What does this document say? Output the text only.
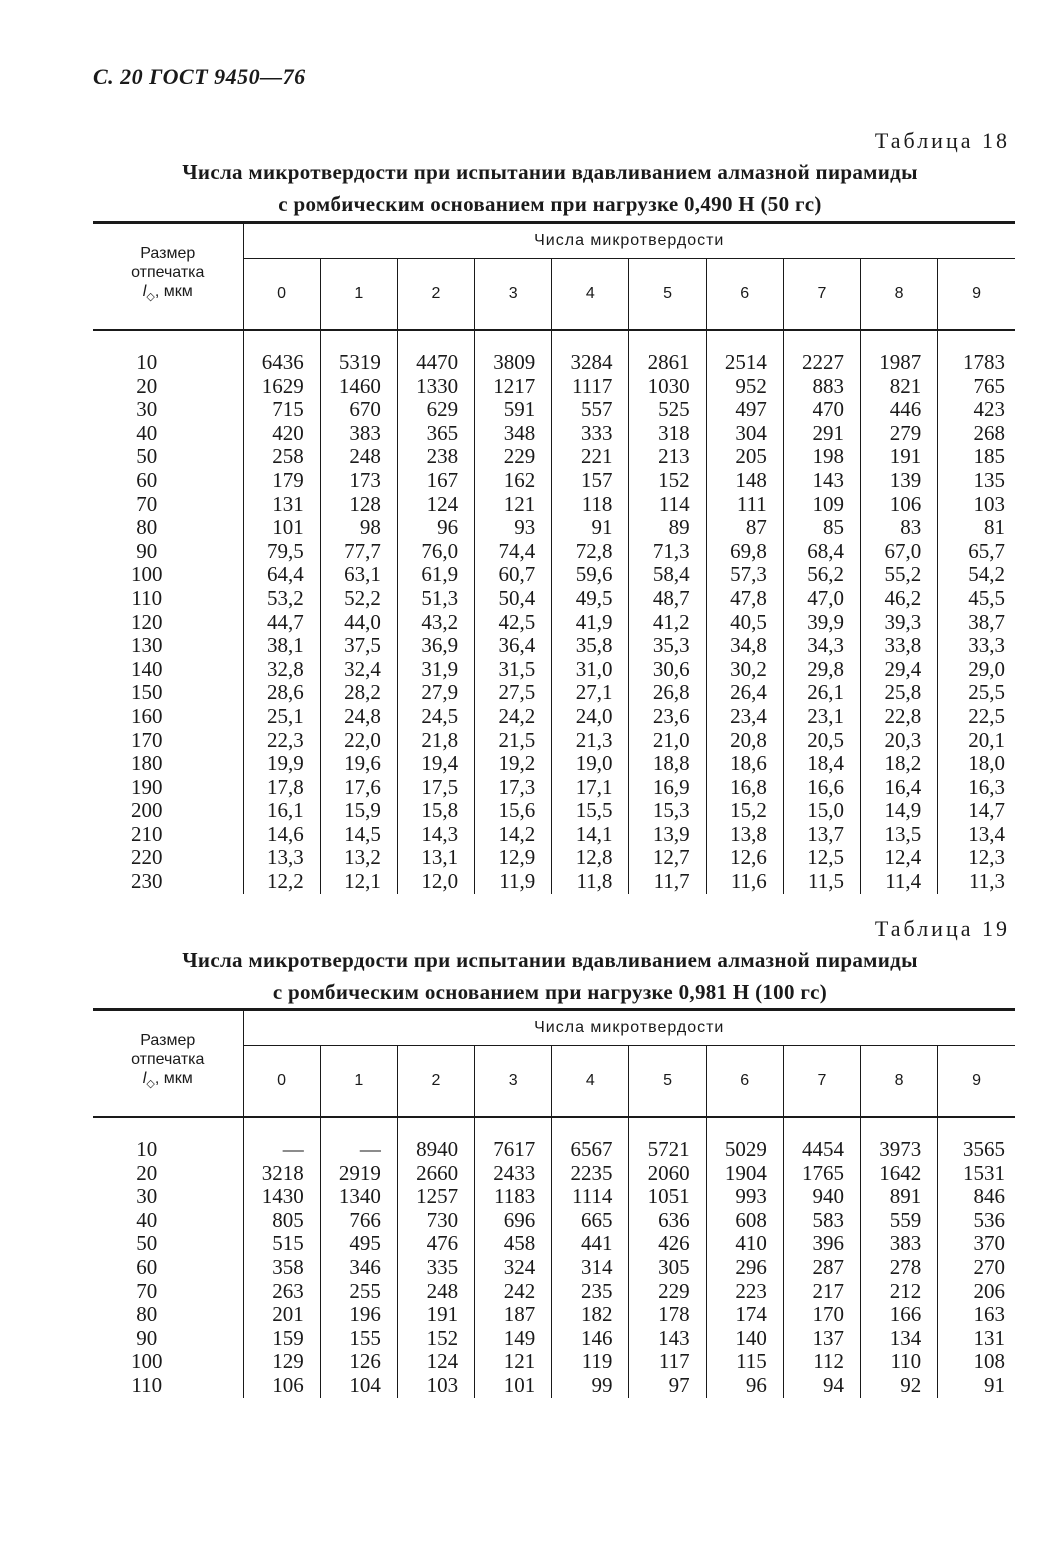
С. 20 ГОСТ 9450—76
Таблица 18
Числа микротвердости при испытании вдавливанием алмазной пирамиды
с ромбическим основанием при нагрузке 0,490 Н (50 гс)
Размер
отпечатка
$l_◇$, мкм	Числа микротвердости									
	0	1	2	3	4	5	6	7	8	9

10	6436	5319	4470	3809	3284	2861	2514	2227	1987	1783
20	1629	1460	1330	1217	1117	1030	952	883	821	765
30	715	670	629	591	557	525	497	470	446	423
40	420	383	365	348	333	318	304	291	279	268
50	258	248	238	229	221	213	205	198	191	185
60	179	173	167	162	157	152	148	143	139	135
70	131	128	124	121	118	114	111	109	106	103
80	101	98	96	93	91	89	87	85	83	81
90	79,5	77,7	76,0	74,4	72,8	71,3	69,8	68,4	67,0	65,7
100	64,4	63,1	61,9	60,7	59,6	58,4	57,3	56,2	55,2	54,2
110	53,2	52,2	51,3	50,4	49,5	48,7	47,8	47,0	46,2	45,5
120	44,7	44,0	43,2	42,5	41,9	41,2	40,5	39,9	39,3	38,7
130	38,1	37,5	36,9	36,4	35,8	35,3	34,8	34,3	33,8	33,3
140	32,8	32,4	31,9	31,5	31,0	30,6	30,2	29,8	29,4	29,0
150	28,6	28,2	27,9	27,5	27,1	26,8	26,4	26,1	25,8	25,5
160	25,1	24,8	24,5	24,2	24,0	23,6	23,4	23,1	22,8	22,5
170	22,3	22,0	21,8	21,5	21,3	21,0	20,8	20,5	20,3	20,1
180	19,9	19,6	19,4	19,2	19,0	18,8	18,6	18,4	18,2	18,0
190	17,8	17,6	17,5	17,3	17,1	16,9	16,8	16,6	16,4	16,3
200	16,1	15,9	15,8	15,6	15,5	15,3	15,2	15,0	14,9	14,7
210	14,6	14,5	14,3	14,2	14,1	13,9	13,8	13,7	13,5	13,4
220	13,3	13,2	13,1	12,9	12,8	12,7	12,6	12,5	12,4	12,3
230	12,2	12,1	12,0	11,9	11,8	11,7	11,6	11,5	11,4	11,3
Таблица 19
Числа микротвердости при испытании вдавливанием алмазной пирамиды
с ромбическим основанием при нагрузке 0,981 Н (100 гс)
Размер
отпечатка
$l_◇$, мкм	Числа микротвердости									
	0	1	2	3	4	5	6	7	8	9

10	—	—	8940	7617	6567	5721	5029	4454	3973	3565
20	3218	2919	2660	2433	2235	2060	1904	1765	1642	1531
30	1430	1340	1257	1183	1114	1051	993	940	891	846
40	805	766	730	696	665	636	608	583	559	536
50	515	495	476	458	441	426	410	396	383	370
60	358	346	335	324	314	305	296	287	278	270
70	263	255	248	242	235	229	223	217	212	206
80	201	196	191	187	182	178	174	170	166	163
90	159	155	152	149	146	143	140	137	134	131
100	129	126	124	121	119	117	115	112	110	108
110	106	104	103	101	99	97	96	94	92	91
